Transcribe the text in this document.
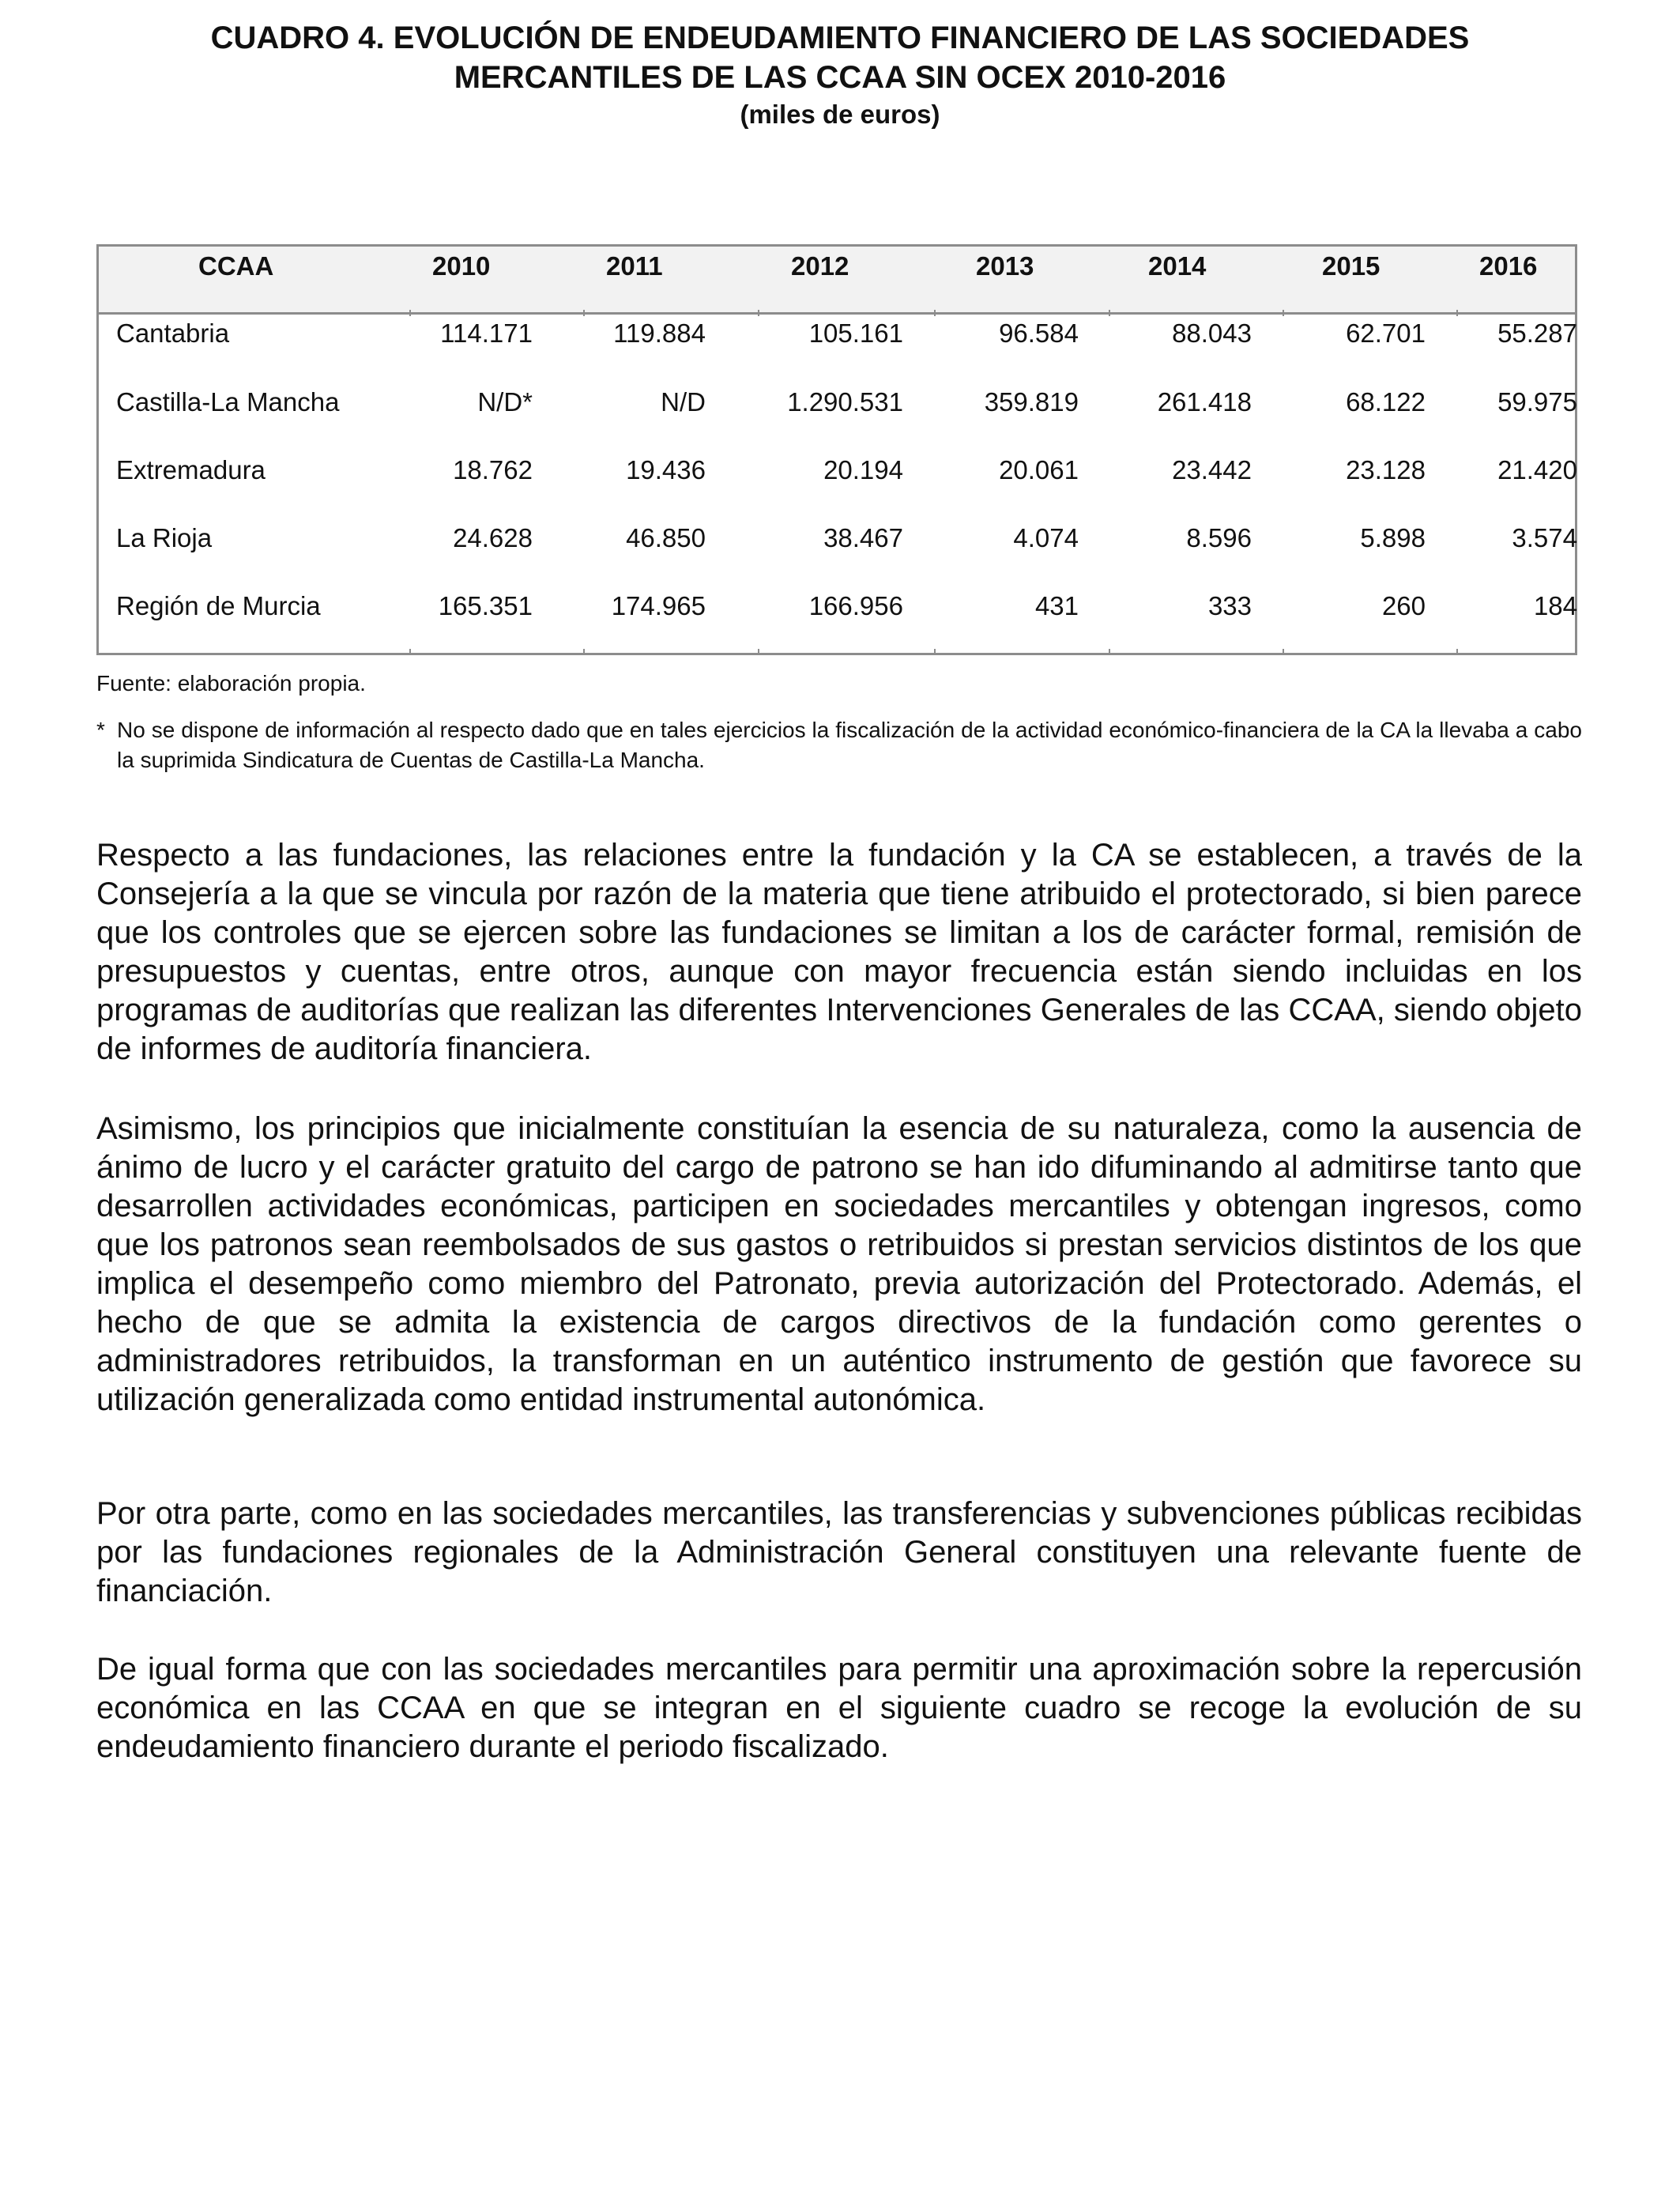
CUADRO 4. EVOLUCIÓN DE ENDEUDAMIENTO FINANCIERO DE LAS SOCIEDADES
MERCANTILES DE LAS CCAA SIN OCEX 2010-2016
(miles de euros)
CCAA	2010	2011	2012	2013	2014	2015	2016
Cantabria	114.171	119.884	105.161	96.584	88.043	62.701	55.287
Castilla-La Mancha	N/D*	N/D	1.290.531	359.819	261.418	68.122	59.975
Extremadura	18.762	19.436	20.194	20.061	23.442	23.128	21.420
La Rioja	24.628	46.850	38.467	4.074	8.596	5.898	3.574
Región de Murcia	165.351	174.965	166.956	431	333	260	184
Fuente: elaboración propia.
* No se dispone de información al respecto dado que en tales ejercicios la fiscalización de la actividad económico-financiera de la CA la llevaba a cabo la suprimida Sindicatura de Cuentas de Castilla-La Mancha.

Respecto a las fundaciones, las relaciones entre la fundación y la CA se establecen, a través de la Consejería a la que se vincula por razón de la materia que tiene atribuido el protectorado, si bien parece que los controles que se ejercen sobre las fundaciones se limitan a los de carácter formal, remisión de presupuestos y cuentas, entre otros, aunque con mayor frecuencia están siendo incluidas en los programas de auditorías que realizan las diferentes Intervenciones Generales de las CCAA, siendo objeto de informes de auditoría financiera.

Asimismo, los principios que inicialmente constituían la esencia de su naturaleza, como la ausencia de ánimo de lucro y el carácter gratuito del cargo de patrono se han ido difuminando al admitirse tanto que desarrollen actividades económicas, participen en sociedades mercantiles y obtengan ingresos, como que los patronos sean reembolsados de sus gastos o retribuidos si prestan servicios distintos de los que implica el desempeño como miembro del Patronato, previa autorización del Protectorado. Además, el hecho de que se admita la existencia de cargos directivos de la fundación como gerentes o administradores retribuidos, la transforman en un auténtico instrumento de gestión que favorece su utilización generalizada como entidad instrumental autonómica.

Por otra parte, como en las sociedades mercantiles, las transferencias y subvenciones públicas recibidas por las fundaciones regionales de la Administración General constituyen una relevante fuente de financiación.

De igual forma que con las sociedades mercantiles para permitir una aproximación sobre la repercusión económica en las CCAA en que se integran en el siguiente cuadro se recoge la evolución de su endeudamiento financiero durante el periodo fiscalizado.
